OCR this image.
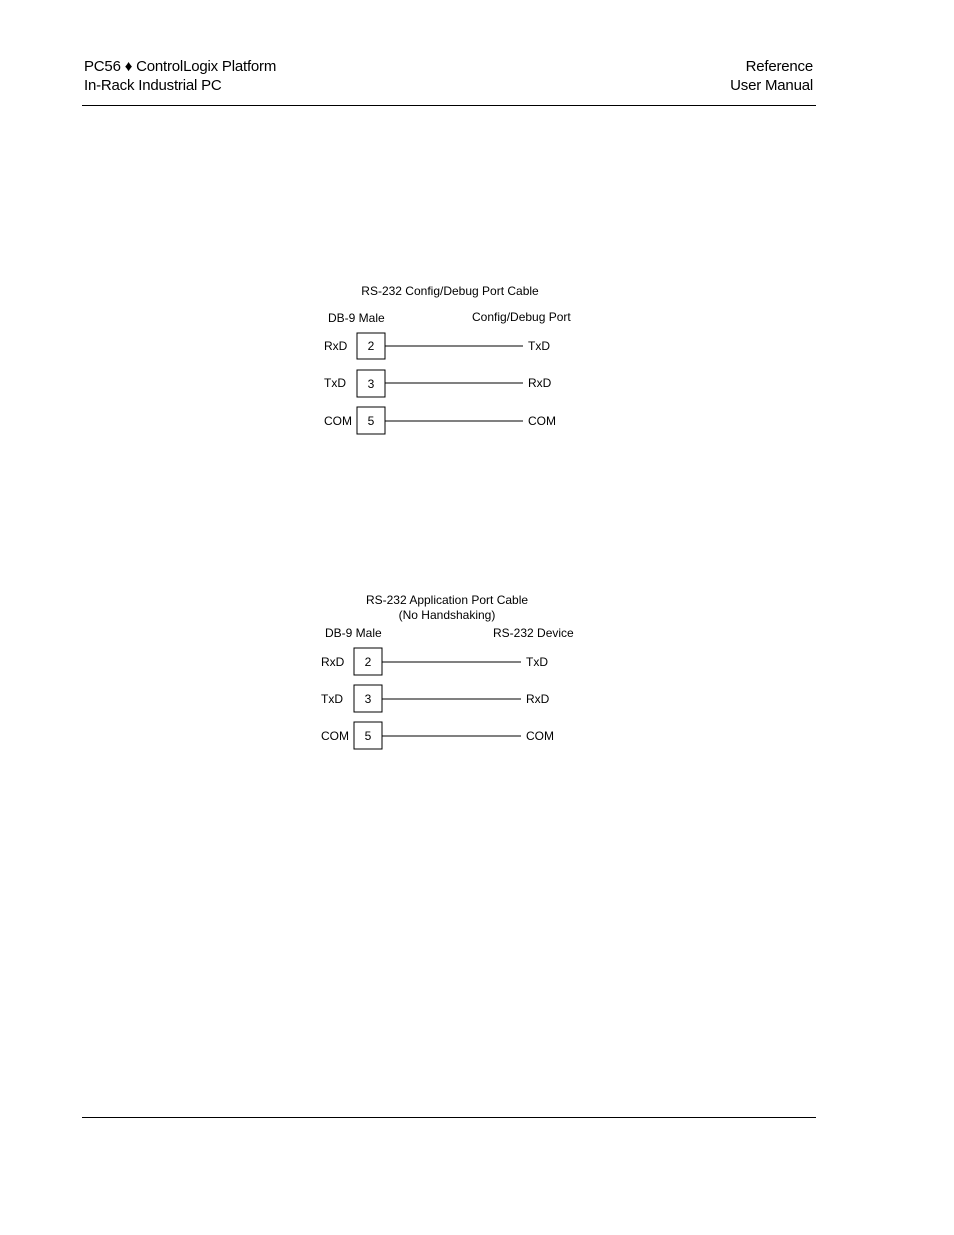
PC56 ♦ ControlLogix Platform
In-Rack Industrial PC
Reference
User Manual
RS-232 Config/Debug Port Cable
DB-9 Male	Config/Debug Port
RxD 2	TxD
TxD 3	RxD
COM 5	COM
RS-232 Application Port Cable
(No Handshaking)
DB-9 Male	RS-232 Device
RxD 2	TxD
TxD 3	RxD
COM 5	COM
